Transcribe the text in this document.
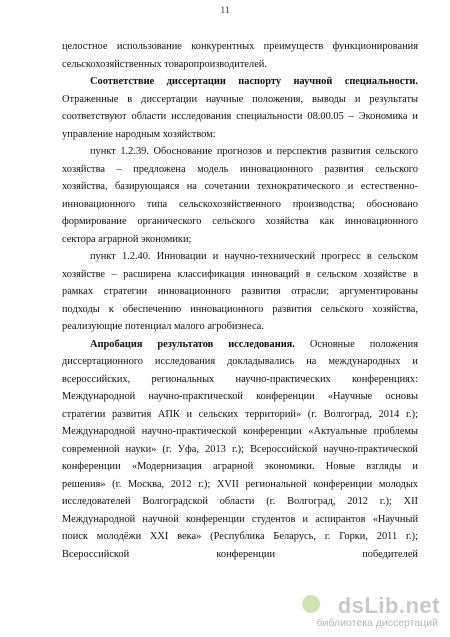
11
целостное использование конкурентных преимуществ функционирования
сельскохозяйственных товаропроизводителей.
Соответствие диссертации паспорту научной специальности.
Отраженные в диссертации научные положения, выводы и результаты
соответствуют области исследования специальности 08.00.05 – Экономика и
управление народным хозяйством:
пункт 1.2.39. Обоснование прогнозов и перспектив развития сельского
хозяйства – предложена модель инновационного развития сельского
хозяйства, базирующаяся на сочетании технократического и естественно-
инновационного типа сельскохозяйственного производства; обосновано
формирование органического сельского хозяйства как инновационного
сектора аграрной экономики;
пункт 1.2.40. Инновации и научно-технический прогресс в сельском
хозяйстве – расширена классификация инноваций в сельском хозяйстве в
рамках стратегии инновационного развития отрасли; аргументированы
подходы к обеспечению инновационного развития сельского хозяйства,
реализующие потенциал малого агробизнеса.
Апробация результатов исследования. Основные положения
диссертационного исследования докладывались на международных и
всероссийских, региональных научно-практических конференциях:
Международной научно-практической конференции «Научные основы
стратегии развития АПК и сельских территорий» (г. Волгоград, 2014 г.);
Международной научно-практической конференции «Актуальные проблемы
современной науки» (г. Уфа, 2013 г.); Всероссийской научно-практической
конференции «Модернизация аграрной экономики. Новые взгляды и
решения» (г. Москва, 2012 г.); XVII региональной конференции молодых
исследователей Волгоградской области (г. Волгоград, 2012 г.); XII
Международной научной конференции студентов и аспирантов «Научный
поиск молодёжи XXI века» (Республика Беларусь, г. Горки, 2011 г.);
Всероссийской конференции победителей
dsLib.net
библиотека диссертаций
